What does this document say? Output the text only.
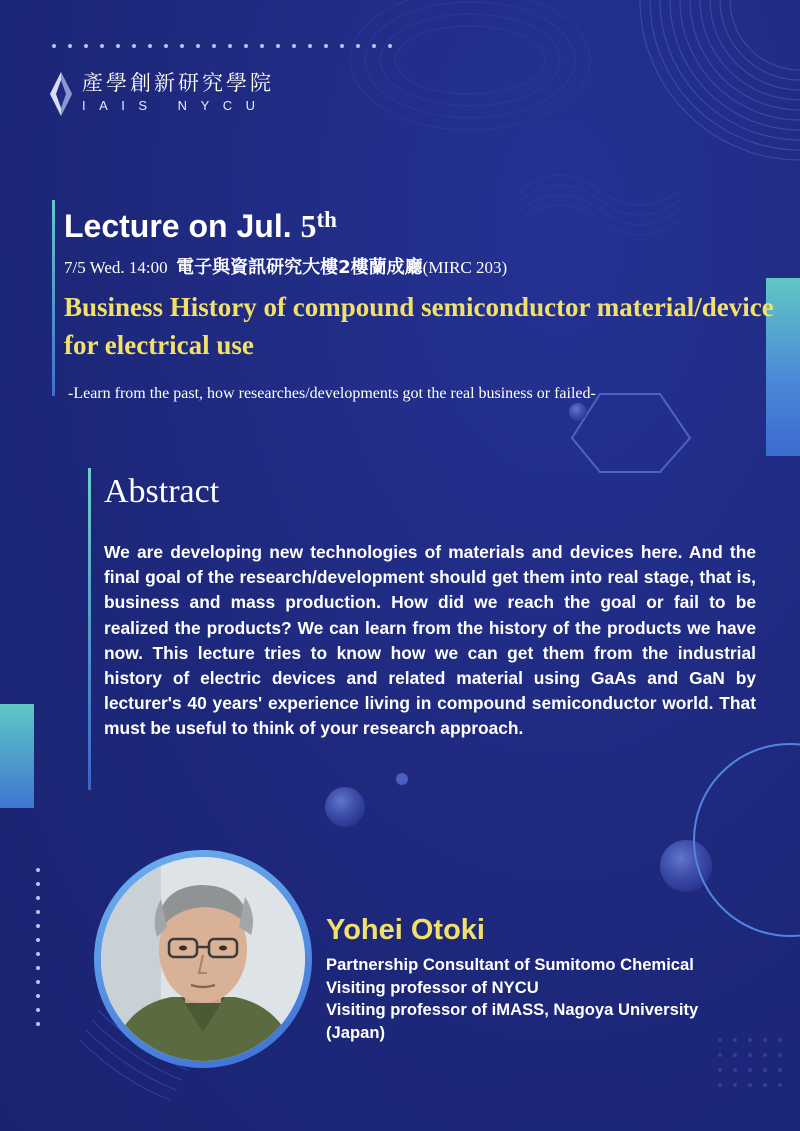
產學創新研究學院
IAIS NYCU
Lecture on Jul. 5th
7/5 Wed. 14:00 電子與資訊研究大樓2樓蘭成廳(MIRC 203)
Business History of compound semiconductor material/device for electrical use
-Learn from the past, how researches/developments got the real business or failed-
Abstract
We are developing new technologies of materials and devices here. And the final goal of the research/development should get them into real stage, that is, business and mass production. How did we reach the goal or fail to be realized the products? We can learn from the history of the products we have now. This lecture tries to know how we can get them from the industrial history of electric devices and related material using GaAs and GaN by lecturer's 40 years' experience living in compound semiconductor world. That must be useful to think of your research approach.
Yohei Otoki
Partnership Consultant of Sumitomo Chemical
Visiting professor of NYCU
Visiting professor of iMASS, Nagoya University
(Japan)
